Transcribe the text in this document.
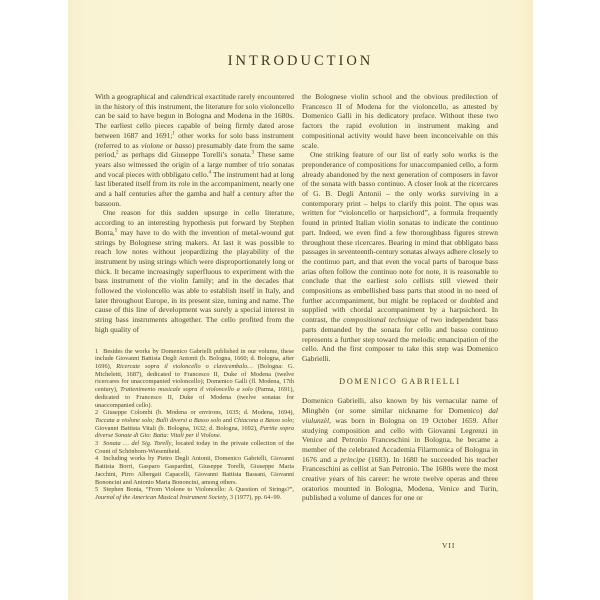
INTRODUCTION

With a geographical and calendrical exactitude rarely encountered in the history of this instrument, the literature for solo violoncello can be said to have begun in Bologna and Modena in the 1680s. The earliest cello pieces capable of being firmly dated arose between 1687 and 1691;$^1$ other works for solo bass instrument (referred to as violone or basso) presumably date from the same period,$^2$ as perhaps did Giuseppe Torelli’s sonata.$^3$ These same years also witnessed the origin of a large number of trio sonatas and vocal pieces with obbligato cello.$^4$ The instrument had at long last liberated itself from its role in the accompaniment, nearly one and a half centuries after the gamba and half a century after the bassoon.

One reason for this sudden upsurge in cello literature, according to an interesting hypothesis put forward by Stephen Bonta,$^5$ may have to do with the invention of metal-wound gut strings by Bolognese string makers. At last it was possible to reach low notes without jeopardizing the playability of the instrument by using strings which were disproportionately long or thick. It became increasingly superfluous to experiment with the bass instrument of the violin family; and in the decades that followed the violoncello was able to establish itself in Italy, and later throughout Europe, in its present size, tuning and name. The cause of this line of development was surely a special interest in string bass instruments altogether. The cello profited from the high quality of

1 Besides the works by Domenico Gabrielli published in our volume, these include Giovanni Battista Degli Antonii (b. Bologna, 1660; d. Bologna, after 1696), Ricercate sopra il violoncello o clavicembalo… (Bologna: G. Micheletti, 1687), dedicated to Francesco II, Duke of Modena (twelve ricercares for unaccompanied violoncello); Domenico Galli (fl. Modena, 17th century), Trattenimento musicale sopra il violoncello a solo (Parma, 1691), dedicated to Francesco II, Duke of Modena (twelve sonatas for unaccompanied cello).

2 Giuseppe Colombi (b. Modena or environs, 1635; d. Modena, 1694), Toccata a violone solo; Balli diversi a Basso solo and Chiacona a Basso solo; Giovanni Battista Vitali (b. Bologna, 1632; d. Bologna, 1692), Partite sopra diverse Sonate di Gio: Batta: Vitali per il Violone.

3 Sonata … del Sig. Torelly, located today in the private collection of the Count of Schönborn-Wiesentheid.

4 Including works by Pietro Degli Antonii, Domenico Gabrielli, Giovanni Battista Borri, Gasparo Gaspardini, Giuseppe Torelli, Giuseppe Maria Jacchini, Pirro Albergati Capacelli, Giovanni Battista Bassani, Giovanni Bononcini and Antonio Maria Bononcini, among others.

5 Stephen Bonta, “From Violone to Violoncello: A Question of Strings?”, Journal of the American Musical Instrument Society, 3 (1977), pp. 64–99.

the Bolognese violin school and the obvious predilection of Francesco II of Modena for the violoncello, as attested by Domenico Galli in his dedicatory preface. Without these two factors the rapid evolution in instrument making and compositional activity would have been inconceivable on this scale.

One striking feature of our list of early solo works is the preponderance of compositions for unaccompanied cello, a form already abandoned by the next generation of composers in favor of the sonata with basso continuo. A closer look at the ricercares of G. B. Degli Antonii – the only works surviving in a contemporary print – helps to clarify this point. The opus was written for “violoncello or harpsichord”, a formula frequently found in printed Italian violin sonatas to indicate the continuo part. Indeed, we even find a few thoroughbass figures strewn throughout these ricercares. Bearing in mind that obbligato bass passages in seventeenth-century sonatas always adhere closely to the continuo part, and that even the vocal parts of baroque bass arias often follow the continuo note for note, it is reasonable to conclude that the earliest solo cellists still viewed their compositions as embellished bass parts that stood in no need of further accompaniment, but might be replaced or doubled and supplied with chordal accompaniment by a harpsichord. In contrast, the compositional technique of two independent bass parts demanded by the sonata for cello and basso continuo represents a further step toward the melodic emancipation of the cello. And the first composer to take this step was Domenico Gabrielli.

DOMENICO GABRIELLI

Domenico Gabrielli, also known by his vernacular name of Minghén (or some similar nickname for Domenico) dal viulunzèl, was born in Bologna on 19 October 1659. After studying composition and cello with Giovanni Legrenzi in Venice and Petronio Franceschini in Bologna, he became a member of the celebrated Accademia Filarmonica of Bologna in 1676 and a principe (1683). In 1680 he succeeded his teacher Franceschini as cellist at San Petronio. The 1680s were the most creative years of his career: he wrote twelve operas and three oratorios mounted in Bologna, Modena, Venice and Turin, published a volume of dances for one or

VII
